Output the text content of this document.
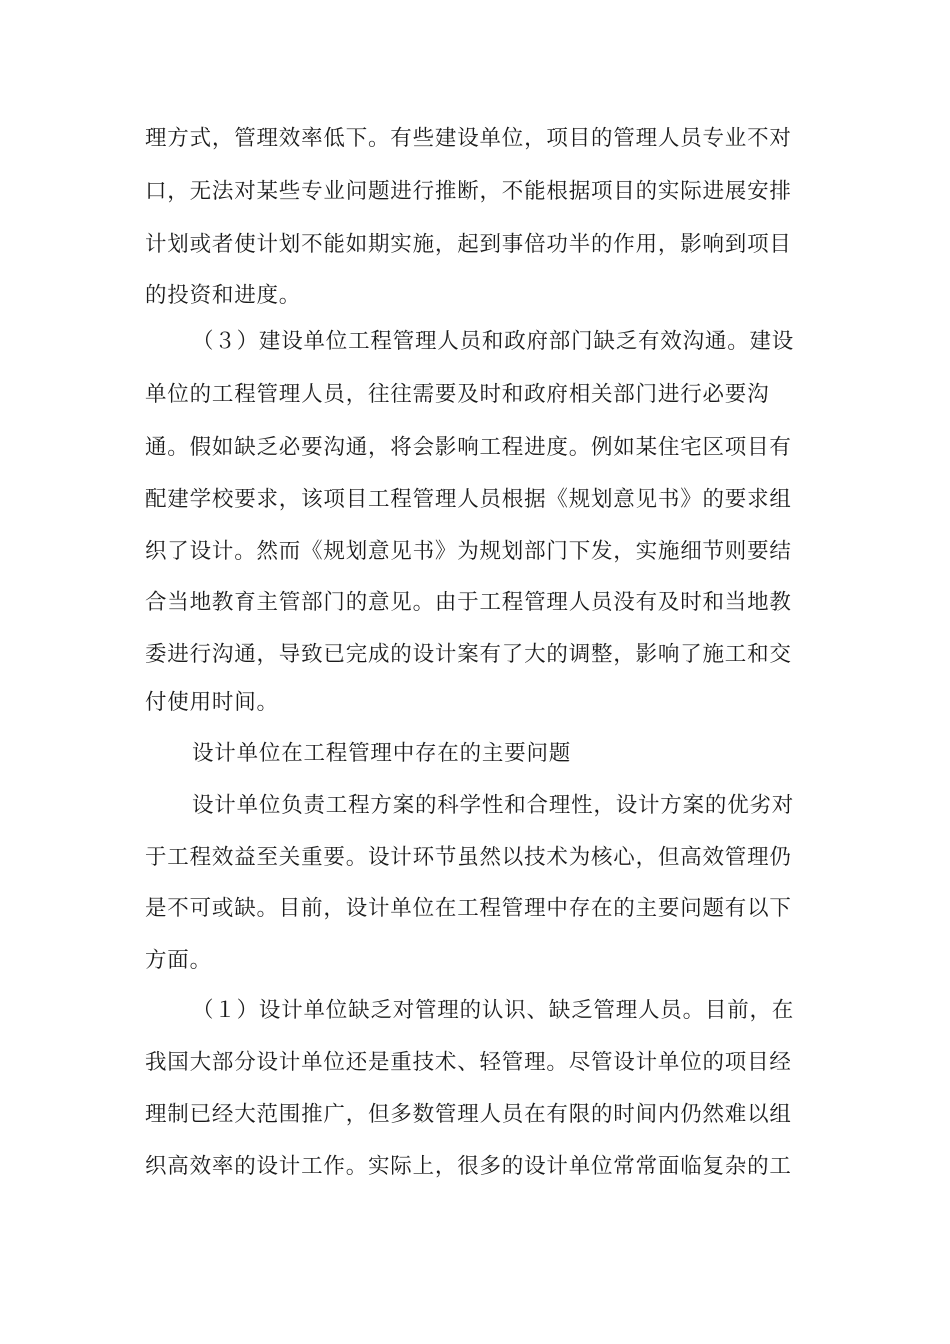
理方式，管理效率低下。有些建设单位，项目的管理人员专业不对
口，无法对某些专业问题进行推断，不能根据项目的实际进展安排
计划或者使计划不能如期实施，起到事倍功半的作用，影响到项目
的投资和进度。
（３）建设单位工程管理人员和政府部门缺乏有效沟通。建设
单位的工程管理人员，往往需要及时和政府相关部门进行必要沟
通。假如缺乏必要沟通，将会影响工程进度。例如某住宅区项目有
配建学校要求，该项目工程管理人员根据《规划意见书》的要求组
织了设计。然而《规划意见书》为规划部门下发，实施细节则要结
合当地教育主管部门的意见。由于工程管理人员没有及时和当地教
委进行沟通，导致已完成的设计案有了大的调整，影响了施工和交
付使用时间。
设计单位在工程管理中存在的主要问题
设计单位负责工程方案的科学性和合理性，设计方案的优劣对
于工程效益至关重要。设计环节虽然以技术为核心，但高效管理仍
是不可或缺。目前，设计单位在工程管理中存在的主要问题有以下
方面。
（１）设计单位缺乏对管理的认识、缺乏管理人员。目前，在
我国大部分设计单位还是重技术、轻管理。尽管设计单位的项目经
理制已经大范围推广，但多数管理人员在有限的时间内仍然难以组
织高效率的设计工作。实际上，很多的设计单位常常面临复杂的工
